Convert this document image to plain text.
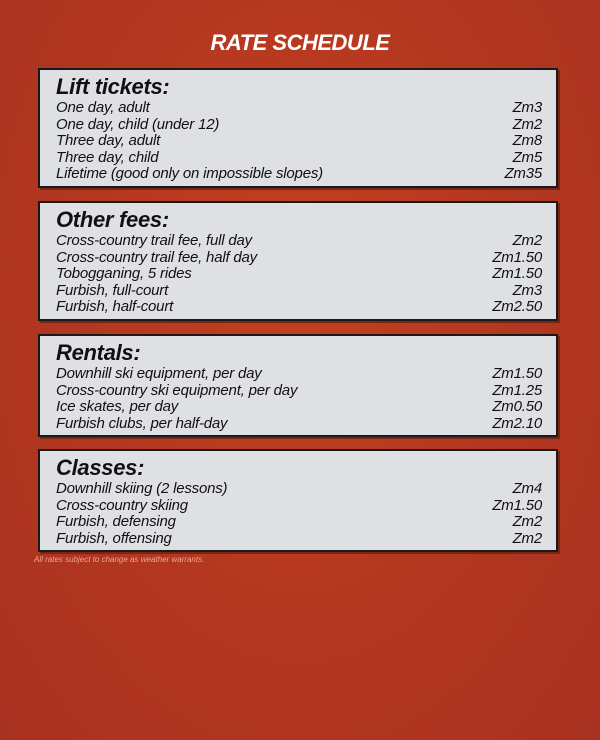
RATE SCHEDULE
Lift tickets:
One day, adult	Zm3
One day, child (under 12)	Zm2
Three day, adult	Zm8
Three day, child	Zm5
Lifetime (good only on impossible slopes)	Zm35
Other fees:
Cross-country trail fee, full day	Zm2
Cross-country trail fee, half day	Zm1.50
Tobogganing, 5 rides	Zm1.50
Furbish, full-court	Zm3
Furbish, half-court	Zm2.50
Rentals:
Downhill ski equipment, per day	Zm1.50
Cross-country ski equipment, per day	Zm1.25
Ice skates, per day	Zm0.50
Furbish clubs, per half-day	Zm2.10
Classes:
Downhill skiing (2 lessons)	Zm4
Cross-country skiing	Zm1.50
Furbish, defensing	Zm2
Furbish, offensing	Zm2
All rates subject to change as weather warrants.
